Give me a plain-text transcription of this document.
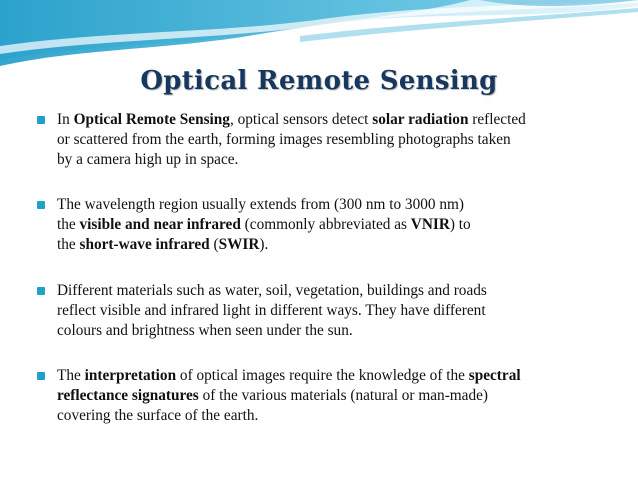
Optical Remote Sensing
In Optical Remote Sensing, optical sensors detect solar radiation reflected
or scattered from the earth, forming images resembling photographs taken
by a camera high up in space.
The wavelength region usually extends from (300 nm to 3000 nm)
the visible and near infrared (commonly abbreviated as VNIR) to
the short-wave infrared (SWIR).
Different materials such as water, soil, vegetation, buildings and roads
reflect visible and infrared light in different ways. They have different
colours and brightness when seen under the sun.
The interpretation of optical images require the knowledge of the spectral
reflectance signatures of the various materials (natural or man-made)
covering the surface of the earth.
